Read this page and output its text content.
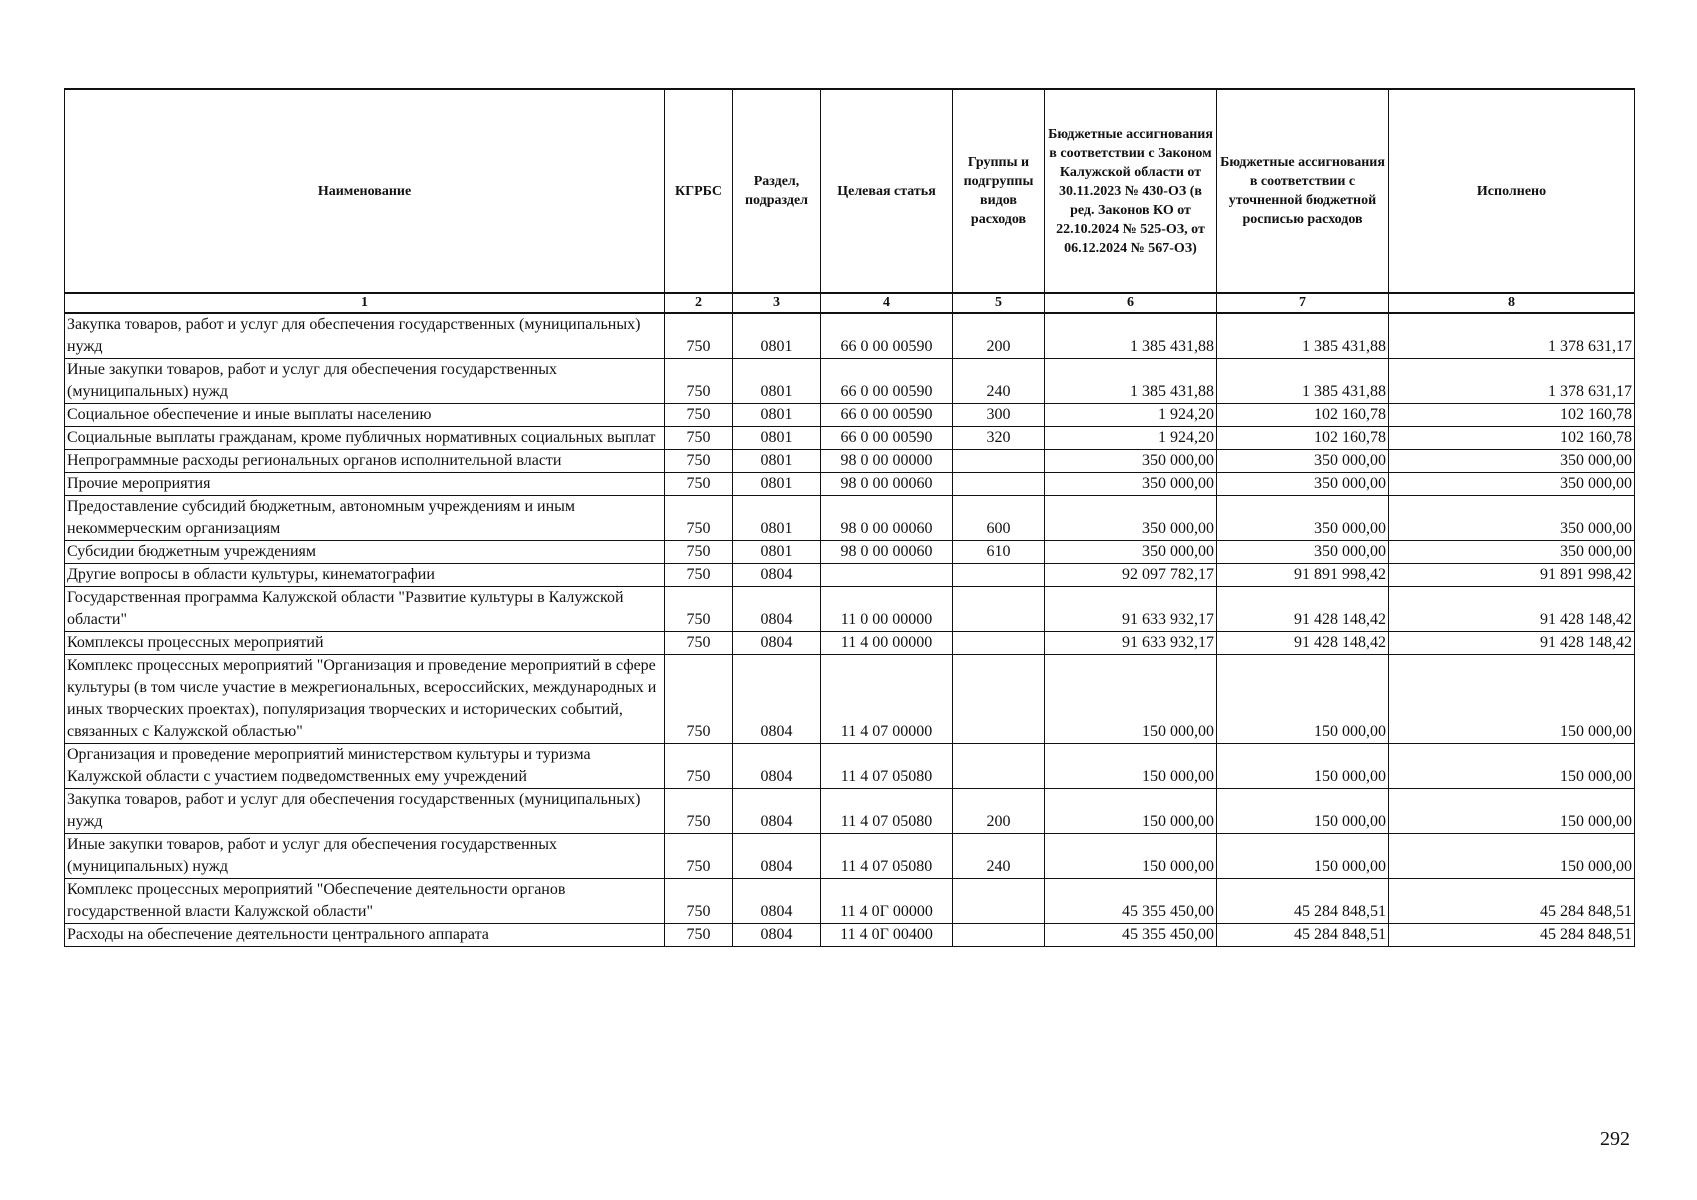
Наименование	КГРБС	Раздел, подраздел	Целевая статья	Группы и подгруппы видов расходов	Бюджетные ассигнования в соответствии с Законом Калужской области от 30.11.2023 № 430-ОЗ (в ред. Законов КО от 22.10.2024 № 525-ОЗ, от 06.12.2024 № 567-ОЗ)	Бюджетные ассигнования в соответствии с уточненной бюджетной росписью расходов	Исполнено
1	2	3	4	5	6	7	8
Закупка товаров, работ и услуг для обеспечения государственных (муниципальных) нужд	750	0801	66 0 00 00590	200	1 385 431,88	1 385 431,88	1 378 631,17
Иные закупки товаров, работ и услуг для обеспечения государственных (муниципальных) нужд	750	0801	66 0 00 00590	240	1 385 431,88	1 385 431,88	1 378 631,17
Социальное обеспечение и иные выплаты населению	750	0801	66 0 00 00590	300	1 924,20	102 160,78	102 160,78
Социальные выплаты гражданам, кроме публичных нормативных социальных выплат	750	0801	66 0 00 00590	320	1 924,20	102 160,78	102 160,78
Непрограммные расходы региональных органов исполнительной власти	750	0801	98 0 00 00000		350 000,00	350 000,00	350 000,00
Прочие мероприятия	750	0801	98 0 00 00060		350 000,00	350 000,00	350 000,00
Предоставление субсидий бюджетным, автономным учреждениям и иным некоммерческим организациям	750	0801	98 0 00 00060	600	350 000,00	350 000,00	350 000,00
Субсидии бюджетным учреждениям	750	0801	98 0 00 00060	610	350 000,00	350 000,00	350 000,00
Другие вопросы в области культуры, кинематографии	750	0804			92 097 782,17	91 891 998,42	91 891 998,42
Государственная программа Калужской области "Развитие культуры в Калужской области"	750	0804	11 0 00 00000		91 633 932,17	91 428 148,42	91 428 148,42
Комплексы процессных мероприятий	750	0804	11 4 00 00000		91 633 932,17	91 428 148,42	91 428 148,42
Комплекс процессных мероприятий "Организация и проведение мероприятий в сфере культуры (в том числе участие в межрегиональных, всероссийских, международных и иных творческих проектах), популяризация творческих и исторических событий, связанных с Калужской областью"	750	0804	11 4 07 00000		150 000,00	150 000,00	150 000,00
Организация и проведение мероприятий министерством культуры и туризма Калужской области с участием подведомственных ему учреждений	750	0804	11 4 07 05080		150 000,00	150 000,00	150 000,00
Закупка товаров, работ и услуг для обеспечения государственных (муниципальных) нужд	750	0804	11 4 07 05080	200	150 000,00	150 000,00	150 000,00
Иные закупки товаров, работ и услуг для обеспечения государственных (муниципальных) нужд	750	0804	11 4 07 05080	240	150 000,00	150 000,00	150 000,00
Комплекс процессных мероприятий "Обеспечение деятельности органов государственной власти Калужской области"	750	0804	11 4 0Г 00000		45 355 450,00	45 284 848,51	45 284 848,51
Расходы на обеспечение деятельности центрального аппарата	750	0804	11 4 0Г 00400		45 355 450,00	45 284 848,51	45 284 848,51
292
